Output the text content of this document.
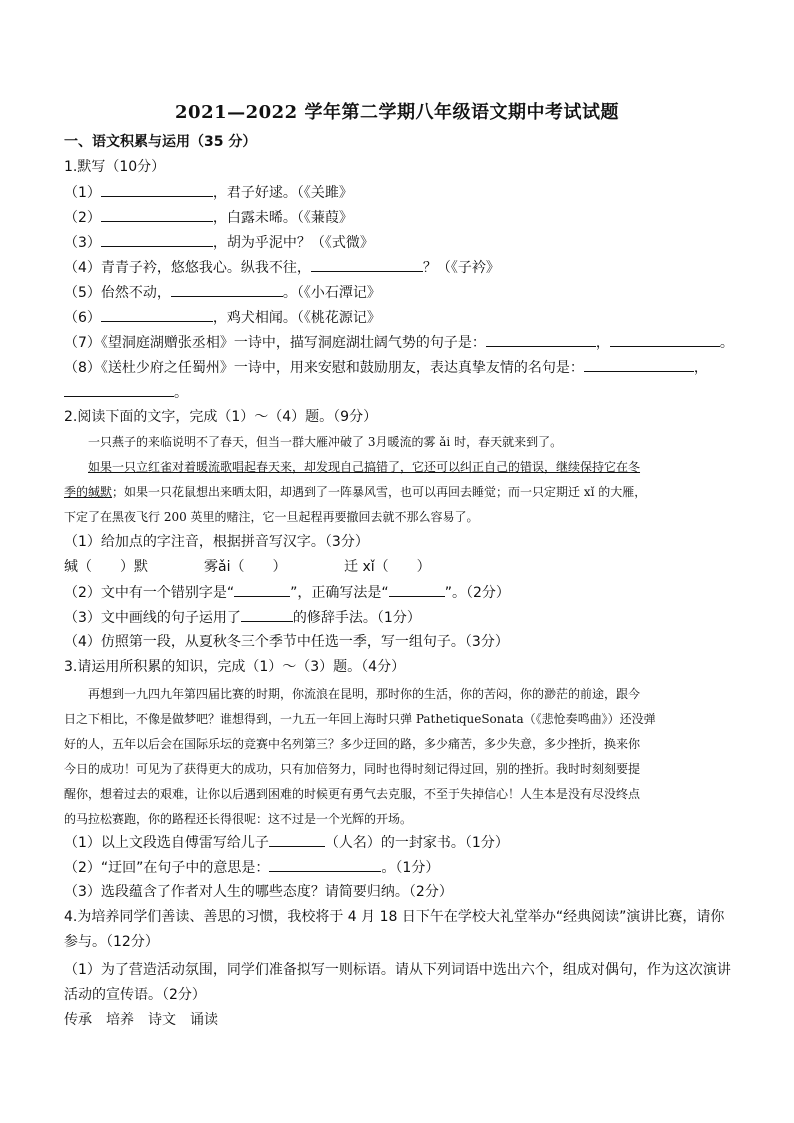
2021—2022 学年第二学期八年级语文期中考试试题
一、语文积累与运用（35 分）
1.默写（10分）
（1）	，君子好逑。（《关雎》
（2）	，白露未晞。（《蒹葭》
（3）	，胡为乎泥中？（《式微》
（4）青青子衿，悠悠我心。纵我不往，	？（《子衿》
（5）佁然不动，	。（《小石潭记》
（6）	，鸡犬相闻。（《桃花源记》
（7）《望洞庭湖赠张丞相》一诗中，描写洞庭湖壮阔气势的句子是：	，	。
（8）《送杜少府之任蜀州》一诗中，用来安慰和鼓励朋友，表达真挚友情的名句是：	，
。
2.阅读下面的文字，完成（1）～（4）题。（9分）
一只燕子的来临说明不了春天，但当一群大雁冲破了 3月暖流的雾 ǎi 时，春天就来到了。
如果一只立红雀对着暖流歌唱起春天来，却发现自己搞错了，它还可以纠正自己的错误，继续保持它在冬
季的缄默；如果一只花鼠想出来晒太阳，却遇到了一阵暴风雪，也可以再回去睡觉；而一只定期迁 xǐ 的大雁，
下定了在黑夜飞行 200 英里的赌注，它一旦起程再要撤回去就不那么容易了。
（1）给加点的字注音，根据拼音写汉字。（3分）
缄（　　）默	雾ǎi（　　）	迁 xǐ（　　）
（2）文中有一个错别字是“	”，正确写法是“	”。（2分）
（3）文中画线的句子运用了	的修辞手法。（1分）
（4）仿照第一段，从夏秋冬三个季节中任选一季，写一组句子。（3分）
3.请运用所积累的知识，完成（1）～（3）题。（4分）
再想到一九四九年第四届比赛的时期，你流浪在昆明，那时你的生活，你的苦闷，你的渺茫的前途，跟今
日之下相比，不像是做梦吧？谁想得到，一九五一年回上海时只弹 PathetiqueSonata（《悲怆奏鸣曲》）还没弹
好的人，五年以后会在国际乐坛的竞赛中名列第三？多少迂回的路，多少痛苦，多少失意，多少挫折，换来你
今日的成功！可见为了获得更大的成功，只有加倍努力，同时也得时刻记得过回，别的挫折。我时时刻刻要提
醒你，想着过去的艰难，让你以后遇到困难的时候更有勇气去克服，不至于失掉信心！人生本是没有尽没终点
的马拉松赛跑，你的路程还长得很呢：这不过是一个光辉的开场。
（1）以上文段选自傅雷写给儿子	（人名）的一封家书。（1分）
（2）“迂回”在句子中的意思是：	。（1分）
（3）选段蕴含了作者对人生的哪些态度？请简要归纳。（2分）
4.为培养同学们善读、善思的习惯，我校将于 4 月 18 日下午在学校大礼堂举办“经典阅读”演讲比赛，请你
参与。（12分）
（1）为了营造活动氛围，同学们准备拟写一则标语。请从下列词语中选出六个，组成对偶句，作为这次演讲
活动的宣传语。（2分）
传承　培养　诗文　诵读
